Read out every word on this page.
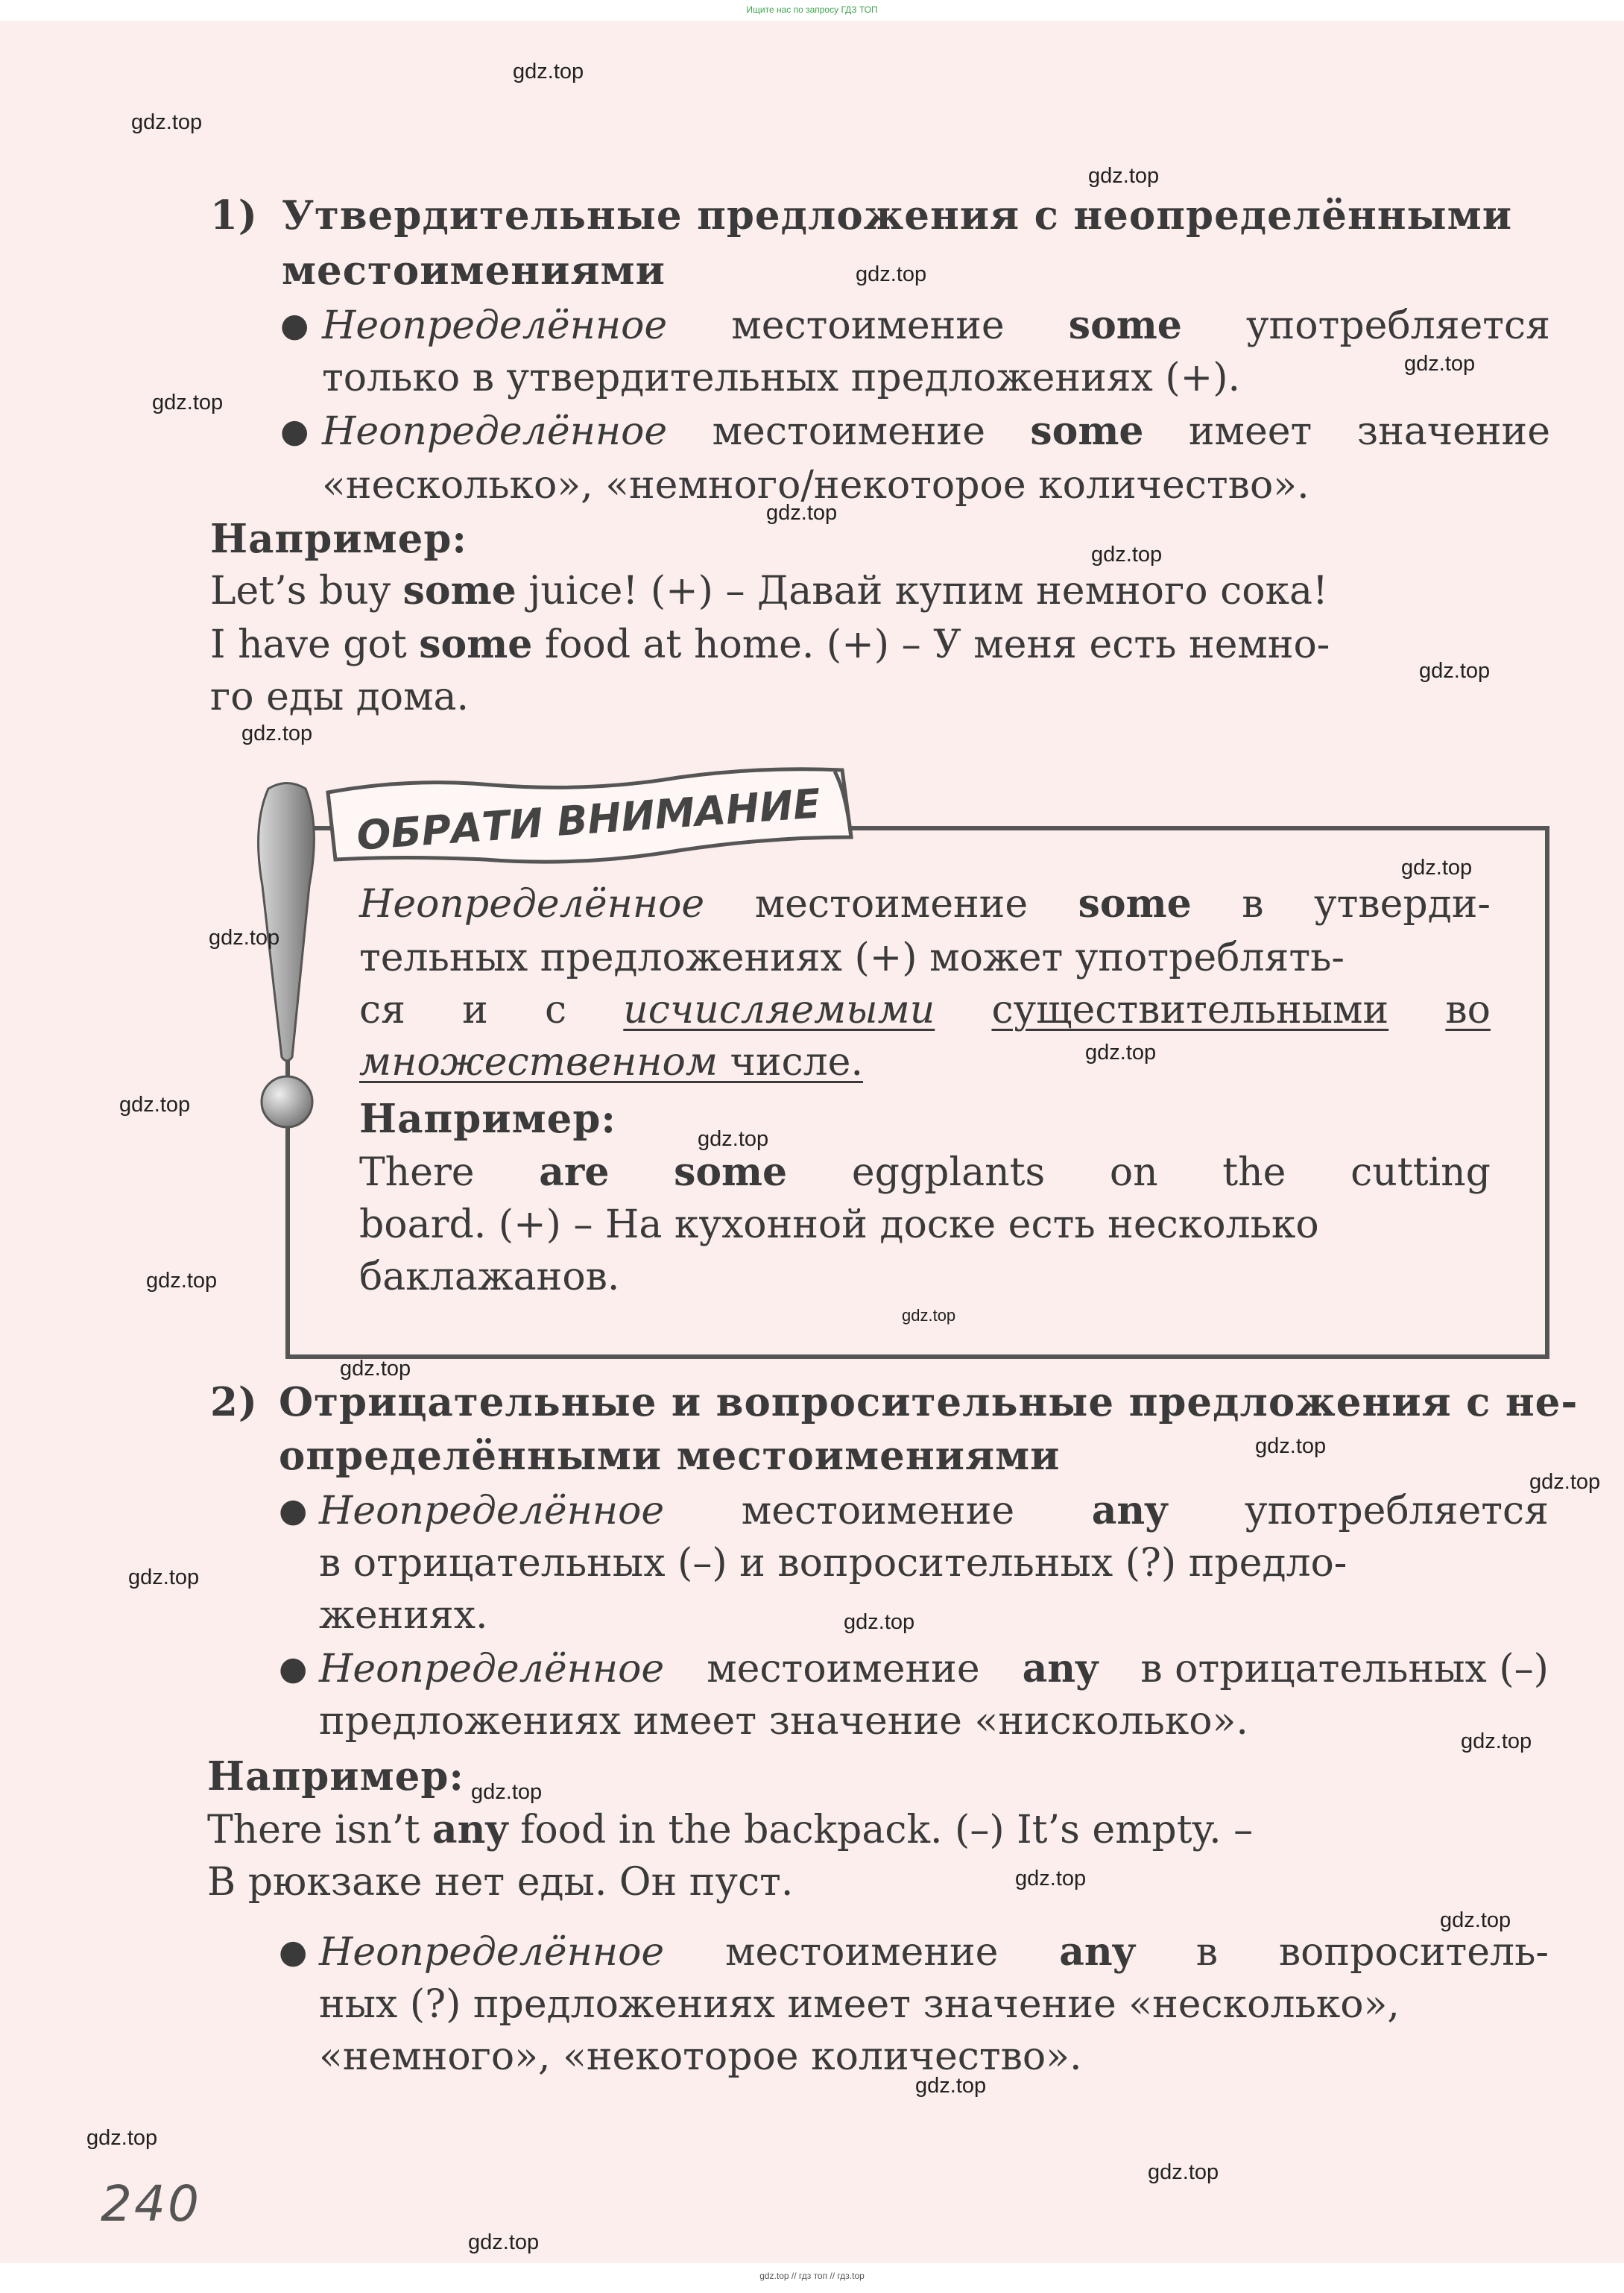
Ищите нас по запросу ГДЗ ТОП
1) Утвердительные предложения с неопределёнными
местоимениями
● Неопределённое местоимение some употребляется
только в утвердительных предложениях (+).
● Неопределённое местоимение some имеет значение
«несколько», «немного/некоторое количество».
Например:
Let’s buy some juice! (+) – Давай купим немного сока!
I have got some food at home. (+) – У меня есть немно-
го еды дома.
ОБРАТИ ВНИМАНИЕ
Неопределённое местоимение some в утверди-
тельных предложениях (+) может употреблять-
ся и с исчисляемыми существительными во
множественном числе.
Например:
There are some eggplants on the cutting
board. (+) – На кухонной доске есть несколько
баклажанов.
2) Отрицательные и вопросительные предложения с не-
определёнными местоимениями
● Неопределённое местоимение any употребляется
в отрицательных (–) и вопросительных (?) предло-
жениях.
● Неопределённое местоимение any в отрицательных (–)
предложениях имеет значение «нисколько».
Например:
There isn’t any food in the backpack. (–) It’s empty. –
В рюкзаке нет еды. Он пуст.
● Неопределённое местоимение any в вопроситель-
ных (?) предложениях имеет значение «несколько»,
«немного», «некоторое количество».
240
gdz.top
gdz.top
gdz.top
gdz.top
gdz.top
gdz.top
gdz.top
gdz.top
gdz.top
gdz.top
gdz.top
gdz.top
gdz.top
gdz.top
gdz.top
gdz.top
gdz.top
gdz.top
gdz.top
gdz.top
gdz.top
gdz.top
gdz.top
gdz.top
gdz.top
gdz.top
gdz.top
gdz.top
gdz.top
gdz.top
gdz.top // гдз топ // гдз.top
